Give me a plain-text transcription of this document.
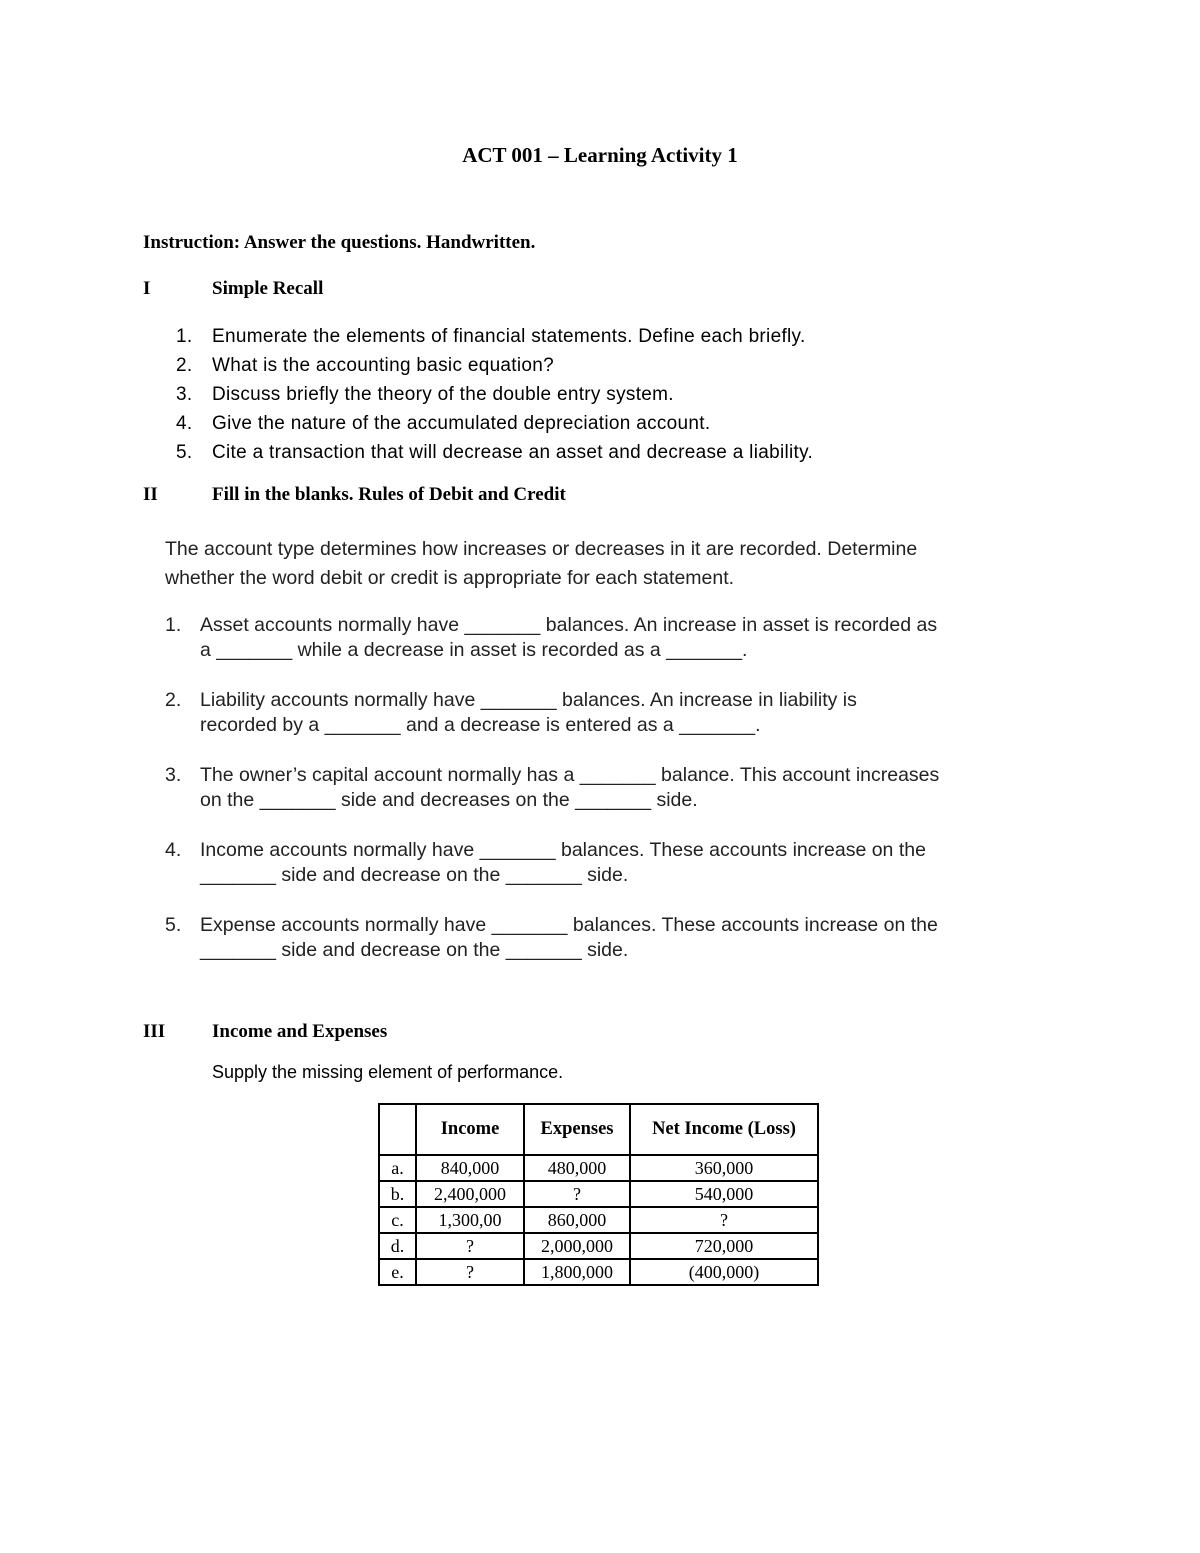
ACT 001 – Learning Activity 1
Instruction: Answer the questions. Handwritten.
I	Simple Recall
1.	Enumerate the elements of financial statements. Define each briefly.
2.	What is the accounting basic equation?
3.	Discuss briefly the theory of the double entry system.
4.	Give the nature of the accumulated depreciation account.
5.	Cite a transaction that will decrease an asset and decrease a liability.
II	Fill in the blanks. Rules of Debit and Credit
The account type determines how increases or decreases in it are recorded. Determine
whether the word debit or credit is appropriate for each statement.
1. Asset accounts normally have _______ balances. An increase in asset is recorded as
a _______ while a decrease in asset is recorded as a _______.
2. Liability accounts normally have _______ balances. An increase in liability is
recorded by a _______ and a decrease is entered as a _______.
3. The owner’s capital account normally has a _______ balance. This account increases
on the _______ side and decreases on the _______ side.
4. Income accounts normally have _______ balances. These accounts increase on the
_______ side and decrease on the _______ side.
5. Expense accounts normally have _______ balances. These accounts increase on the
_______ side and decrease on the _______ side.
III Income and Expenses
Supply the missing element of performance.
	Income	Expenses	Net Income (Loss)
a.	840,000	480,000	360,000
b.	2,400,000	?	540,000
c.	1,300,00	860,000	?
d.	?	2,000,000	720,000
e.	?	1,800,000	(400,000)
